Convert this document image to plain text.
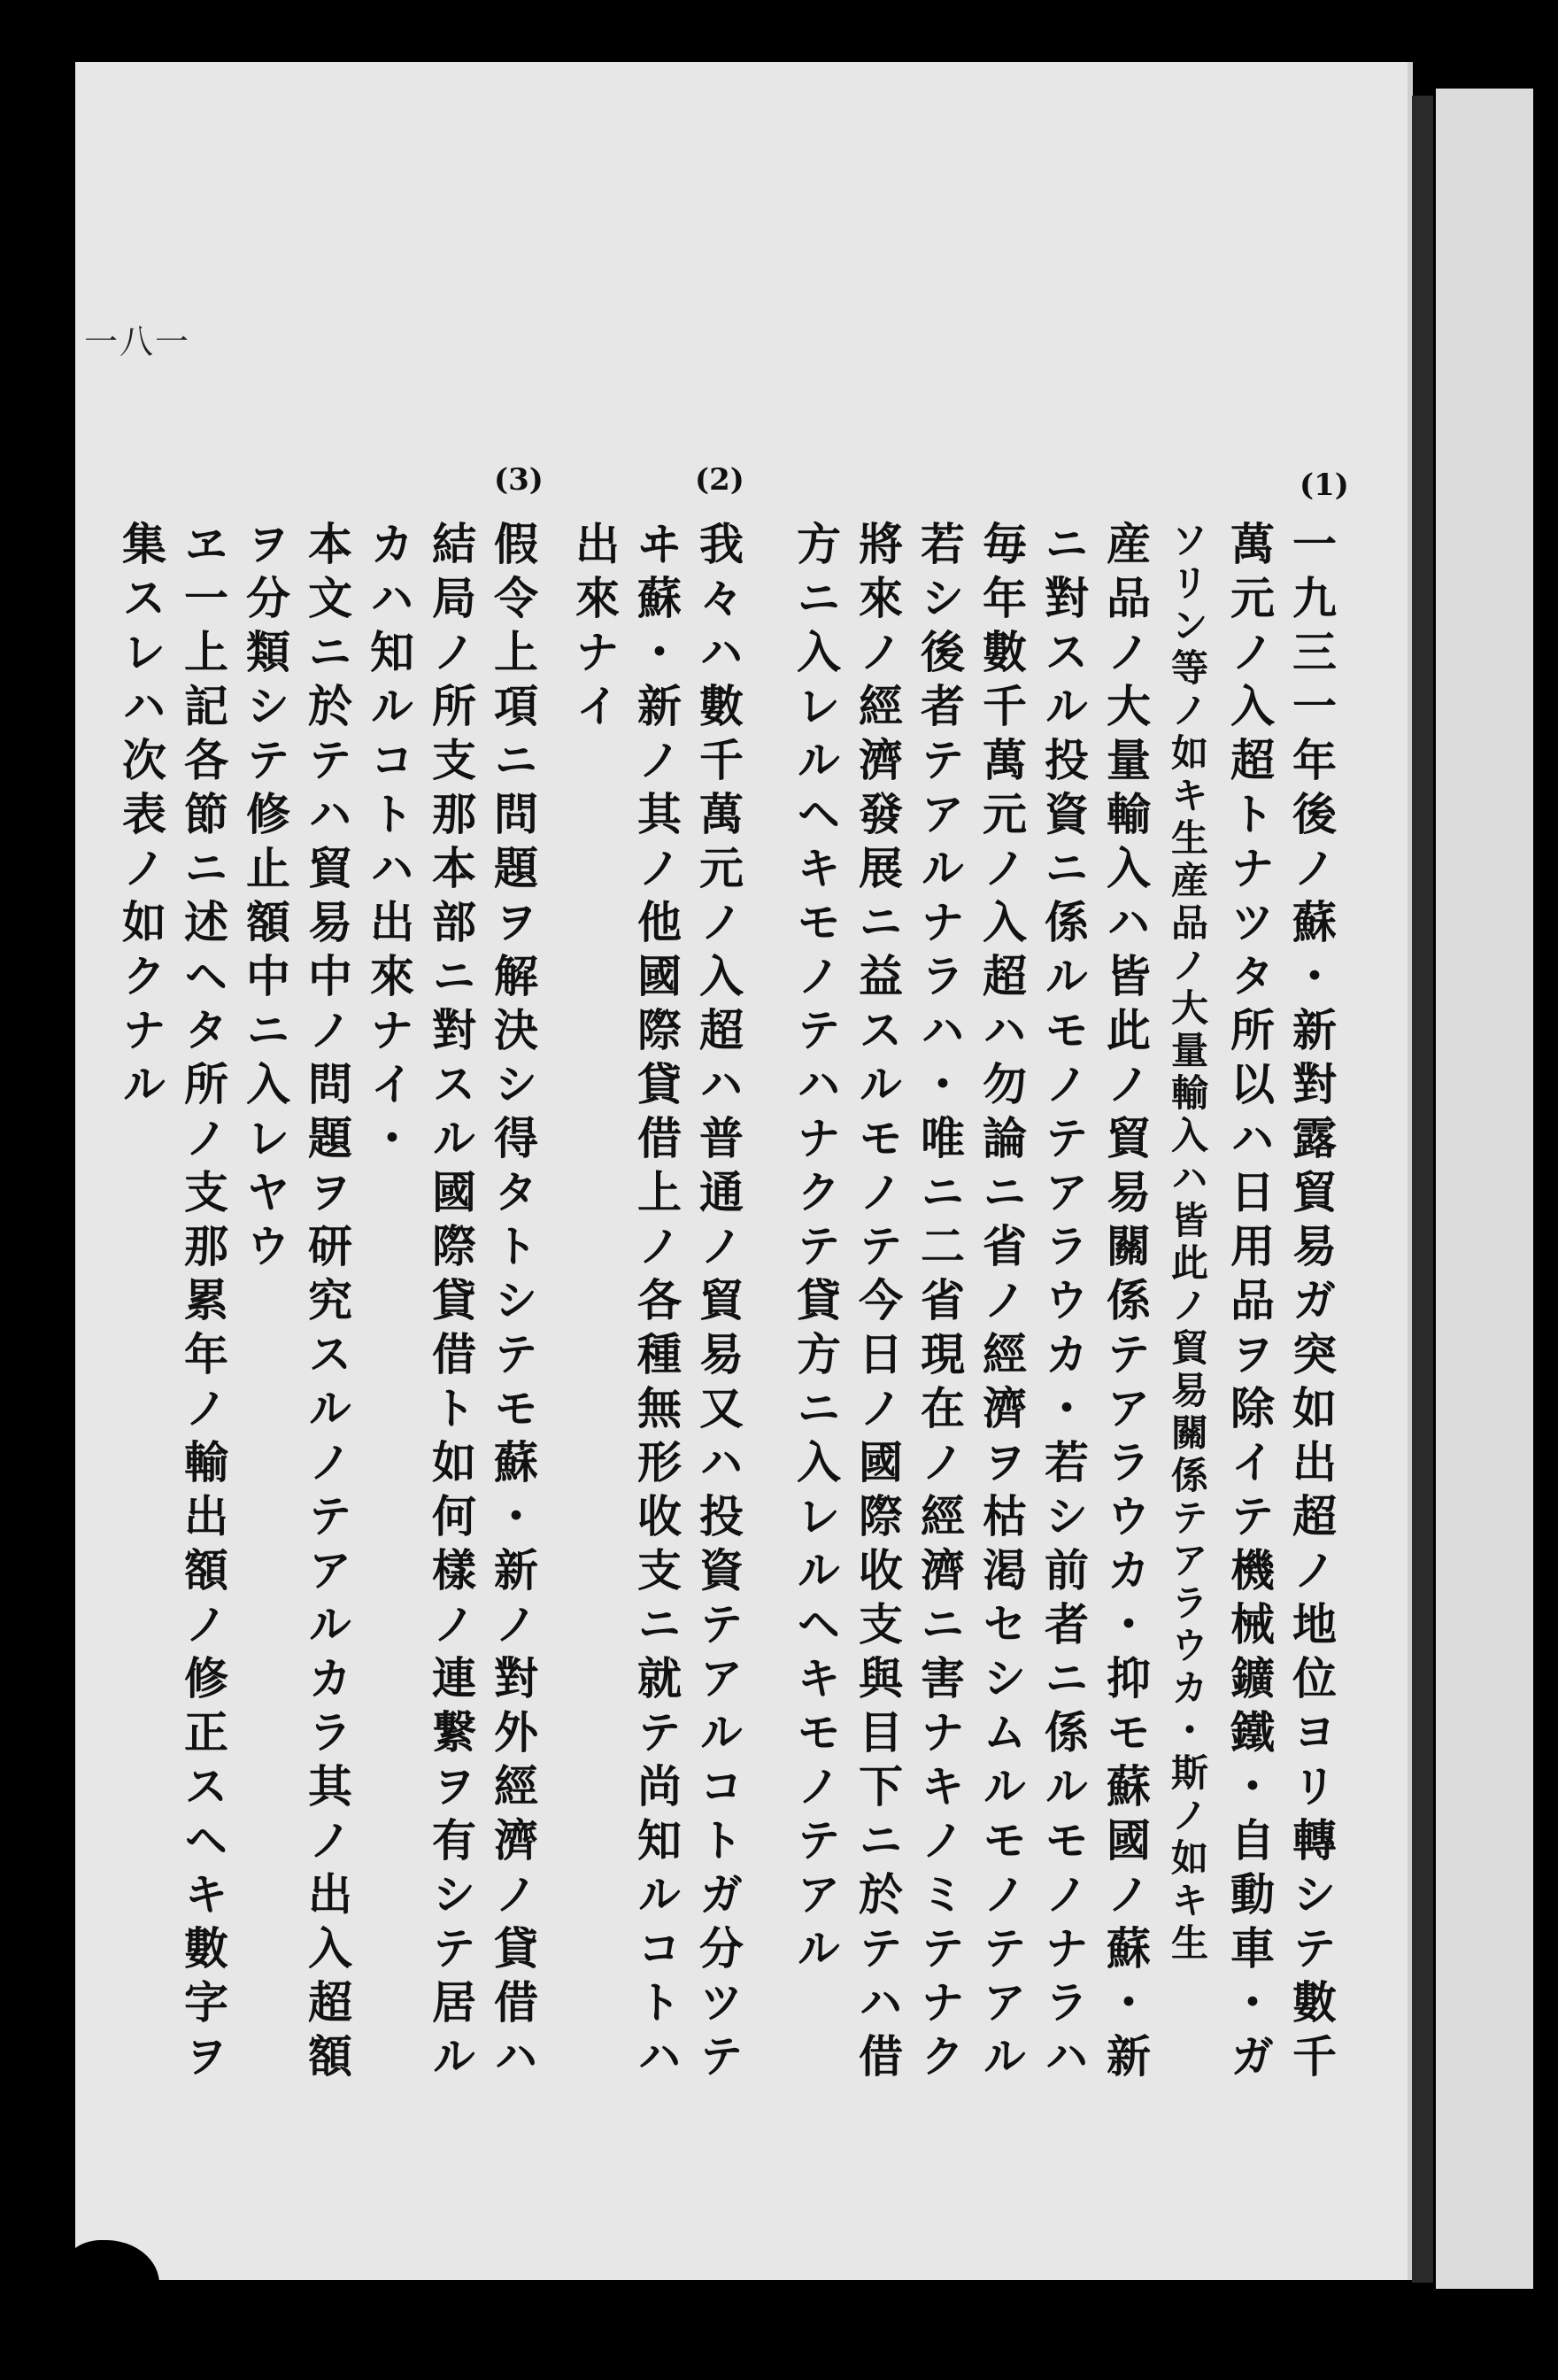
一八一
(1)
一九三一年後ノ蘇・新對露貿易ガ突如出超ノ地位ヨリ轉シテ數千
萬元ノ入超トナツタ所以ハ日用品ヲ除イテ機械鑛鐵・自動車・ガ
ソリン等ノ如キ生産品ノ大量輸入ハ皆此ノ貿易關係テアラウカ・斯ノ如キ生
産品ノ大量輸入ハ皆此ノ貿易關係テアラウカ・抑モ蘇國ノ蘇・新
ニ對スル投資ニ係ルモノテアラウカ・若シ前者ニ係ルモノナラハ
毎年數千萬元ノ入超ハ勿論ニ省ノ經濟ヲ枯渇セシムルモノテアル
若シ後者テアルナラハ・唯ニ二省現在ノ經濟ニ害ナキノミテナク
將來ノ經濟發展ニ益スルモノテ今日ノ國際收支與目下ニ於テハ借
方ニ入レルヘキモノテハナクテ貸方ニ入レルヘキモノテアル
(2)
我々ハ數千萬元ノ入超ハ普通ノ貿易又ハ投資テアルコトガ分ツテ
ヰ蘇・新ノ其ノ他國際貸借上ノ各種無形收支ニ就テ尚知ルコトハ
出來ナイ
(3)
假令上項ニ問題ヲ解決シ得タトシテモ蘇・新ノ對外經濟ノ貸借ハ
結局ノ所支那本部ニ對スル國際貸借ト如何樣ノ連繋ヲ有シテ居ル
カハ知ルコトハ出來ナイ・
本文ニ於テハ貿易中ノ問題ヲ研究スルノテアルカラ其ノ出入超額
ヲ分類シテ修止額中ニ入レヤウ
ヱ一上記各節ニ述ヘタ所ノ支那累年ノ輸出額ノ修正スヘキ數字ヲ
集スレハ次表ノ如クナル
